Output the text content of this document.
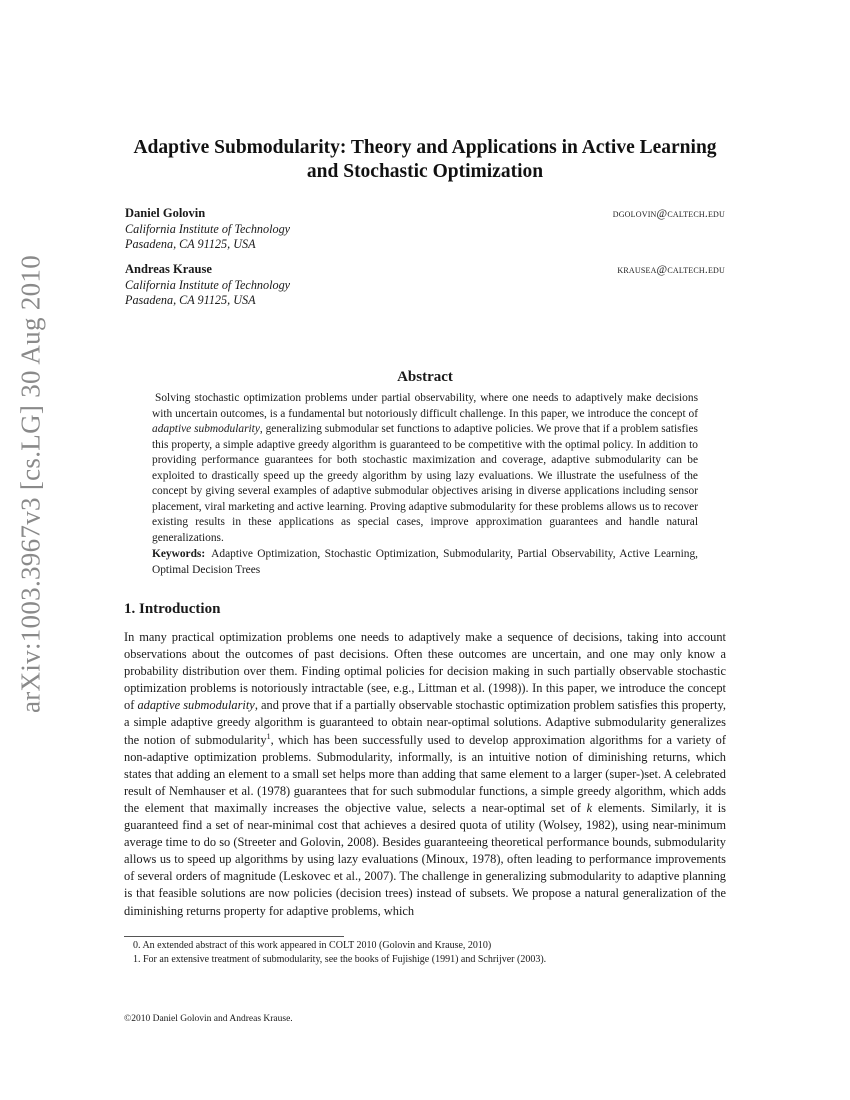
arXiv:1003.3967v3 [cs.LG] 30 Aug 2010
Adaptive Submodularity: Theory and Applications in Active Learning
and Stochastic Optimization
Daniel Golovin
California Institute of Technology
Pasadena, CA 91125, USA
dgolovin@caltech.edu
Andreas Krause
California Institute of Technology
Pasadena, CA 91125, USA
krausea@caltech.edu
Abstract
Solving stochastic optimization problems under partial observability, where one needs to adaptively make decisions with uncertain outcomes, is a fundamental but notoriously difficult challenge. In this paper, we introduce the concept of adaptive submodularity, generalizing submodular set functions to adaptive policies. We prove that if a problem satisfies this property, a simple adaptive greedy algorithm is guaranteed to be competitive with the optimal policy. In addition to providing performance guarantees for both stochastic maximization and coverage, adaptive submodularity can be exploited to drastically speed up the greedy algorithm by using lazy evaluations. We illustrate the usefulness of the concept by giving several examples of adaptive submodular objectives arising in diverse applications including sensor placement, viral marketing and active learning. Proving adaptive submodularity for these problems allows us to recover existing results in these applications as special cases, improve approximation guarantees and handle natural generalizations.
Keywords: Adaptive Optimization, Stochastic Optimization, Submodularity, Partial Observability, Active Learning, Optimal Decision Trees
1. Introduction
In many practical optimization problems one needs to adaptively make a sequence of decisions, taking into account observations about the outcomes of past decisions. Often these outcomes are uncertain, and one may only know a probability distribution over them. Finding optimal policies for decision making in such partially observable stochastic optimization problems is notoriously intractable (see, e.g., Littman et al. (1998)). In this paper, we introduce the concept of adaptive submodularity, and prove that if a partially observable stochastic optimization problem satisfies this property, a simple adaptive greedy algorithm is guaranteed to obtain near-optimal solutions. Adaptive submodularity generalizes the notion of submodularity$^1$, which has been successfully used to develop approximation algorithms for a variety of non-adaptive optimization problems. Submodularity, informally, is an intuitive notion of diminishing returns, which states that adding an element to a small set helps more than adding that same element to a larger (super-)set. A celebrated result of Nemhauser et al. (1978) guarantees that for such submodular functions, a simple greedy algorithm, which adds the element that maximally increases the objective value, selects a near-optimal set of k elements. Similarly, it is guaranteed find a set of near-minimal cost that achieves a desired quota of utility (Wolsey, 1982), using near-minimum average time to do so (Streeter and Golovin, 2008). Besides guaranteeing theoretical performance bounds, submodularity allows us to speed up algorithms by using lazy evaluations (Minoux, 1978), often leading to performance improvements of several orders of magnitude (Leskovec et al., 2007). The challenge in generalizing submodularity to adaptive planning is that feasible solutions are now policies (decision trees) instead of subsets. We propose a natural generalization of the diminishing returns property for adaptive problems, which
0. An extended abstract of this work appeared in COLT 2010 (Golovin and Krause, 2010)
1. For an extensive treatment of submodularity, see the books of Fujishige (1991) and Schrijver (2003).
©2010 Daniel Golovin and Andreas Krause.
